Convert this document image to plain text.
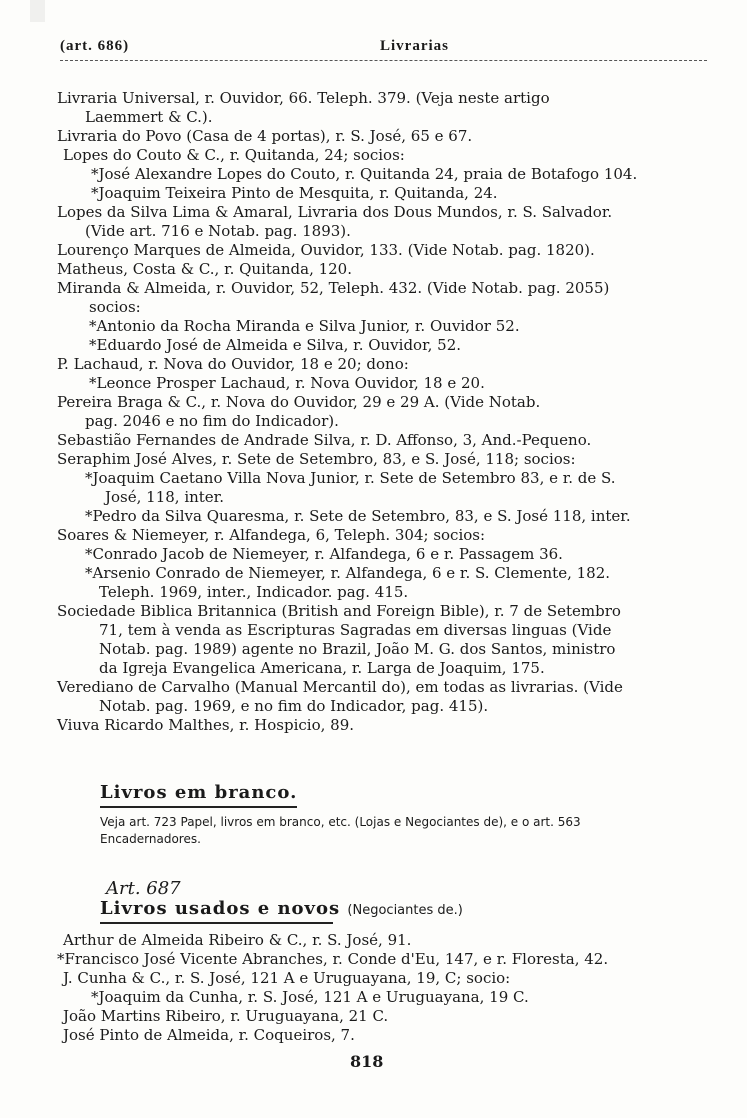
(art. 686)	Livrarias
Livraria Universal, r. Ouvidor, 66. Teleph. 379. (Veja neste artigo
Laemmert & C.).
Livraria do Povo (Casa de 4 portas), r. S. José, 65 e 67.
Lopes do Couto & C., r. Quitanda, 24; socios:
*José Alexandre Lopes do Couto, r. Quitanda 24, praia de Botafogo 104.
*Joaquim Teixeira Pinto de Mesquita, r. Quitanda, 24.
Lopes da Silva Lima & Amaral, Livraria dos Dous Mundos, r. S. Salvador.
(Vide art. 716 e Notab. pag. 1893).
Lourenço Marques de Almeida, Ouvidor, 133. (Vide Notab. pag. 1820).
Matheus, Costa & C., r. Quitanda, 120.
Miranda & Almeida, r. Ouvidor, 52, Teleph. 432. (Vide Notab. pag. 2055)
socios:
*Antonio da Rocha Miranda e Silva Junior, r. Ouvidor 52.
*Eduardo José de Almeida e Silva, r. Ouvidor, 52.
P. Lachaud, r. Nova do Ouvidor, 18 e 20; dono:
*Leonce Prosper Lachaud, r. Nova Ouvidor, 18 e 20.
Pereira Braga & C., r. Nova do Ouvidor, 29 e 29 A. (Vide Notab.
pag. 2046 e no fim do Indicador).
Sebastião Fernandes de Andrade Silva, r. D. Affonso, 3, And.-Pequeno.
Seraphim José Alves, r. Sete de Setembro, 83, e S. José, 118; socios:
*Joaquim Caetano Villa Nova Junior, r. Sete de Setembro 83, e r. de S.
José, 118, inter.
*Pedro da Silva Quaresma, r. Sete de Setembro, 83, e S. José 118, inter.
Soares & Niemeyer, r. Alfandega, 6, Teleph. 304; socios:
*Conrado Jacob de Niemeyer, r. Alfandega, 6 e r. Passagem 36.
*Arsenio Conrado de Niemeyer, r. Alfandega, 6 e r. S. Clemente, 182.
Teleph. 1969, inter., Indicador. pag. 415.
Sociedade Biblica Britannica (British and Foreign Bible), r. 7 de Setembro
71, tem à venda as Escripturas Sagradas em diversas linguas (Vide
Notab. pag. 1989) agente no Brazil, João M. G. dos Santos, ministro
da Igreja Evangelica Americana, r. Larga de Joaquim, 175.
Verediano de Carvalho (Manual Mercantil do), em todas as livrarias. (Vide
Notab. pag. 1969, e no fim do Indicador, pag. 415).
Viuva Ricardo Malthes, r. Hospicio, 89.
Livros em branco.
Veja art. 723 Papel, livros em branco, etc. (Lojas e Negociantes de), e o art. 563
Encadernadores.
Art. 687
Livros usados e novos (Negociantes de.)
Arthur de Almeida Ribeiro & C., r. S. José, 91.
*Francisco José Vicente Abranches, r. Conde d'Eu, 147, e r. Floresta, 42.
J. Cunha & C., r. S. José, 121 A e Uruguayana, 19, C; socio:
*Joaquim da Cunha, r. S. José, 121 A e Uruguayana, 19 C.
João Martins Ribeiro, r. Uruguayana, 21 C.
José Pinto de Almeida, r. Coqueiros, 7.
818
